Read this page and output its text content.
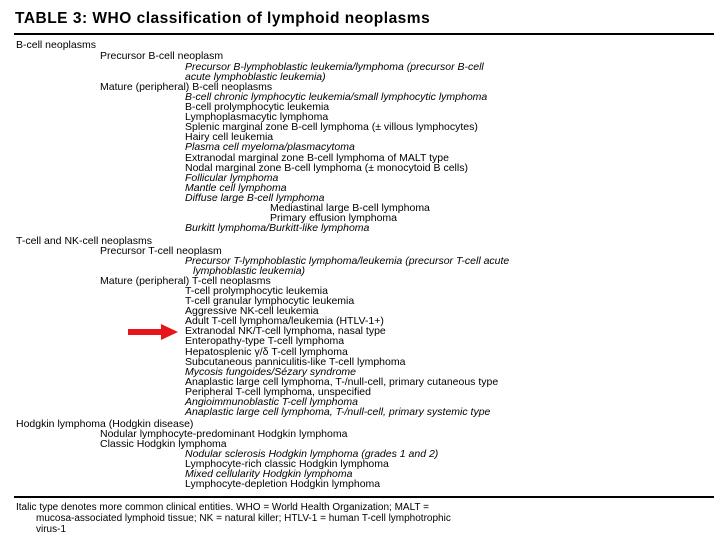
TABLE 3: WHO classification of lymphoid neoplasms
B-cell neoplasms
Precursor B-cell neoplasm
Precursor B-lymphoblastic leukemia/lymphoma (precursor B-cell
acute lymphoblastic leukemia)
Mature (peripheral) B-cell neoplasms
B-cell chronic lymphocytic leukemia/small lymphocytic lymphoma
B-cell prolymphocytic leukemia
Lymphoplasmacytic lymphoma
Splenic marginal zone B-cell lymphoma (± villous lymphocytes)
Hairy cell leukemia
Plasma cell myeloma/plasmacytoma
Extranodal marginal zone B-cell lymphoma of MALT type
Nodal marginal zone B-cell lymphoma (± monocytoid B cells)
Follicular lymphoma
Mantle cell lymphoma
Diffuse large B-cell lymphoma
Mediastinal large B-cell lymphoma
Primary effusion lymphoma
Burkitt lymphoma/Burkitt-like lymphoma
T-cell and NK-cell neoplasms
Precursor T-cell neoplasm
Precursor T-lymphoblastic lymphoma/leukemia (precursor T-cell acute
lymphoblastic leukemia)
Mature (peripheral) T-cell neoplasms
T-cell prolymphocytic leukemia
T-cell granular lymphocytic leukemia
Aggressive NK-cell leukemia
Adult T-cell lymphoma/leukemia (HTLV-1+)
Extranodal NK/T-cell lymphoma, nasal type
Enteropathy-type T-cell lymphoma
Hepatosplenic γ/δ T-cell lymphoma
Subcutaneous panniculitis-like T-cell lymphoma
Mycosis fungoides/Sézary syndrome
Anaplastic large cell lymphoma, T-/null-cell, primary cutaneous type
Peripheral T-cell lymphoma, unspecified
Angioimmunoblastic T-cell lymphoma
Anaplastic large cell lymphoma, T-/null-cell, primary systemic type
Hodgkin lymphoma (Hodgkin disease)
Nodular lymphocyte-predominant Hodgkin lymphoma
Classic Hodgkin lymphoma
Nodular sclerosis Hodgkin lymphoma (grades 1 and 2)
Lymphocyte-rich classic Hodgkin lymphoma
Mixed cellularity Hodgkin lymphoma
Lymphocyte-depletion Hodgkin lymphoma
Italic type denotes more common clinical entities. WHO = World Health Organization; MALT =
mucosa-associated lymphoid tissue; NK = natural killer; HTLV-1 = human T-cell lymphotrophic
virus-1
